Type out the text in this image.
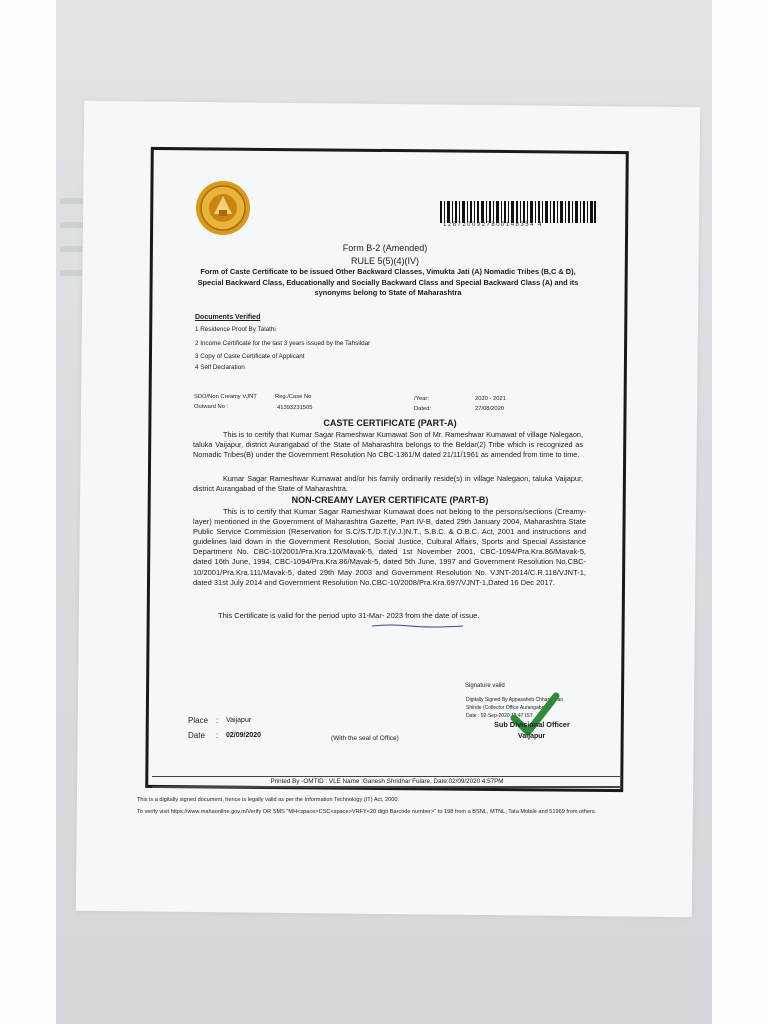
1287200927800148354 4
Form B-2 (Amended)
RULE 5(5)(4)(IV)
Form of Caste Certificate to be issued Other Backward Classes, Vimukta Jati (A) Nomadic Tribes (B,C & D), Special Backward Class, Educationally and Socially Backward Class and Special Backward Class (A) and its synonyms belong to State of Maharashtra
Documents Verified
1 Residence Proof By Talathi
2 Income Certificate for the last 3 years issued by the Tahsildar
3 Copy of Caste Certificate of Applicant
4 Self Declaration
SDO/Non Creamy VJNT	Reg./Case No	/Year:	2020 - 2021
Outward No :	41393231505	Dated:	27/08/2020
CASTE CERTIFICATE (PART-A)
This is to certify that Kumar Sagar Rameshwar Kumawat Son of Mr. Rameshwar Kumawat of village Nalegaon, taluka Vaijapur, district Aurangabad of the State of Maharashtra belongs to the Beldar(2) Tribe which is recognized as Nomadic Tribes(B) under the Government Resolution No CBC-1361/M dated 21/11/1961 as amended from time to time.
Kumar Sagar Rameshwar Kumawat and/or his family ordinarily reside(s) in village Nalegaon, taluka Vaijapur, district Aurangabad of the State of Maharashtra.
NON-CREAMY LAYER CERTIFICATE (PART-B)
This is to certify that Kumar Sagar Rameshwar Kumawat does not belong to the persons/sections (Creamy-layer) mentioned in the Government of Maharashtra Gazette, Part IV-B, dated 29th January 2004, Maharashtra State Public Service Commission (Reservation for S.C/S.T./D.T.(V.J.)N.T., S.B.C. & O.B.C. Act, 2001 and instructions and guidelines laid down in the Government Resolution, Social Justice, Cultural Affairs, Sports and Special Assistance Department No. CBC-10/2001/Pra.Kra.120/Mavak-5, dated 1st November 2001, CBC-1094/Pra.Kra.86/Mavak-5, dated 16th June, 1994, CBC-1094/Pra.Kra.86/Mavak-5, dated 5th June, 1997 and Government Resolution No.CBC- 10/2001/Pra.Kra.111/Mavak-5, dated 29th May 2003 and Government Resolution No. VJNT-2014/C.R.118/VJNT-1, dated 31st July 2014 and Government Resolution No.CBC-10/2008/Pra.Kra.697/VJNT-1,Dated 16 Dec 2017.
This Certificate is valid for the period upto 31-Mar- 2023 from the date of issue.
Signature valid
Digitally Signed By Appasaheb Chhagenrao
Shinde (Collector Office Aurangabad)
Date : 02-Sep-2020 18:47 IST
Sub Divisional Officer
Vaijapur
Place : Vaijapur
Date : 02/09/2020	(With the seal of Office)
Printed By -OMTID : VLE Name :Ganesh Shridhar Fulare, Date:02/09/2020 4:57PM
This is a digitally signed document, hence is legally valid as per the Information Technology (IT) Act, 2000.
To verify visit https://www.mahaonline.gov.in/Verify OR SMS "MH<space>CSC<space>VRFY<20 digit Barcode number>" to 198 from a BSNL, MTNL, Tata Mobile and 51969 from others.
